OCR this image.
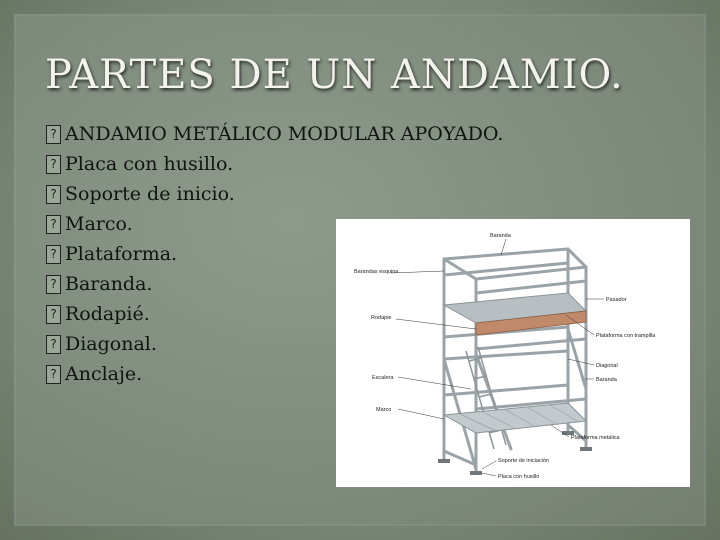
PARTES DE UN ANDAMIO.
? ANDAMIO METÁLICO MODULAR APOYADO.
? Placa con husillo.
? Soporte de inicio.
? Marco.
? Plataforma.
? Baranda.
? Rodapié.
? Diagonal.
? Anclaje.
Baranda
Barandas esquina
Pasador
Rodapie
Plataforma con trampilla
Diagonal
Escalera	Baranda
Marco
Plataforma metálica
Soporte de iniciación
Placa con husillo
